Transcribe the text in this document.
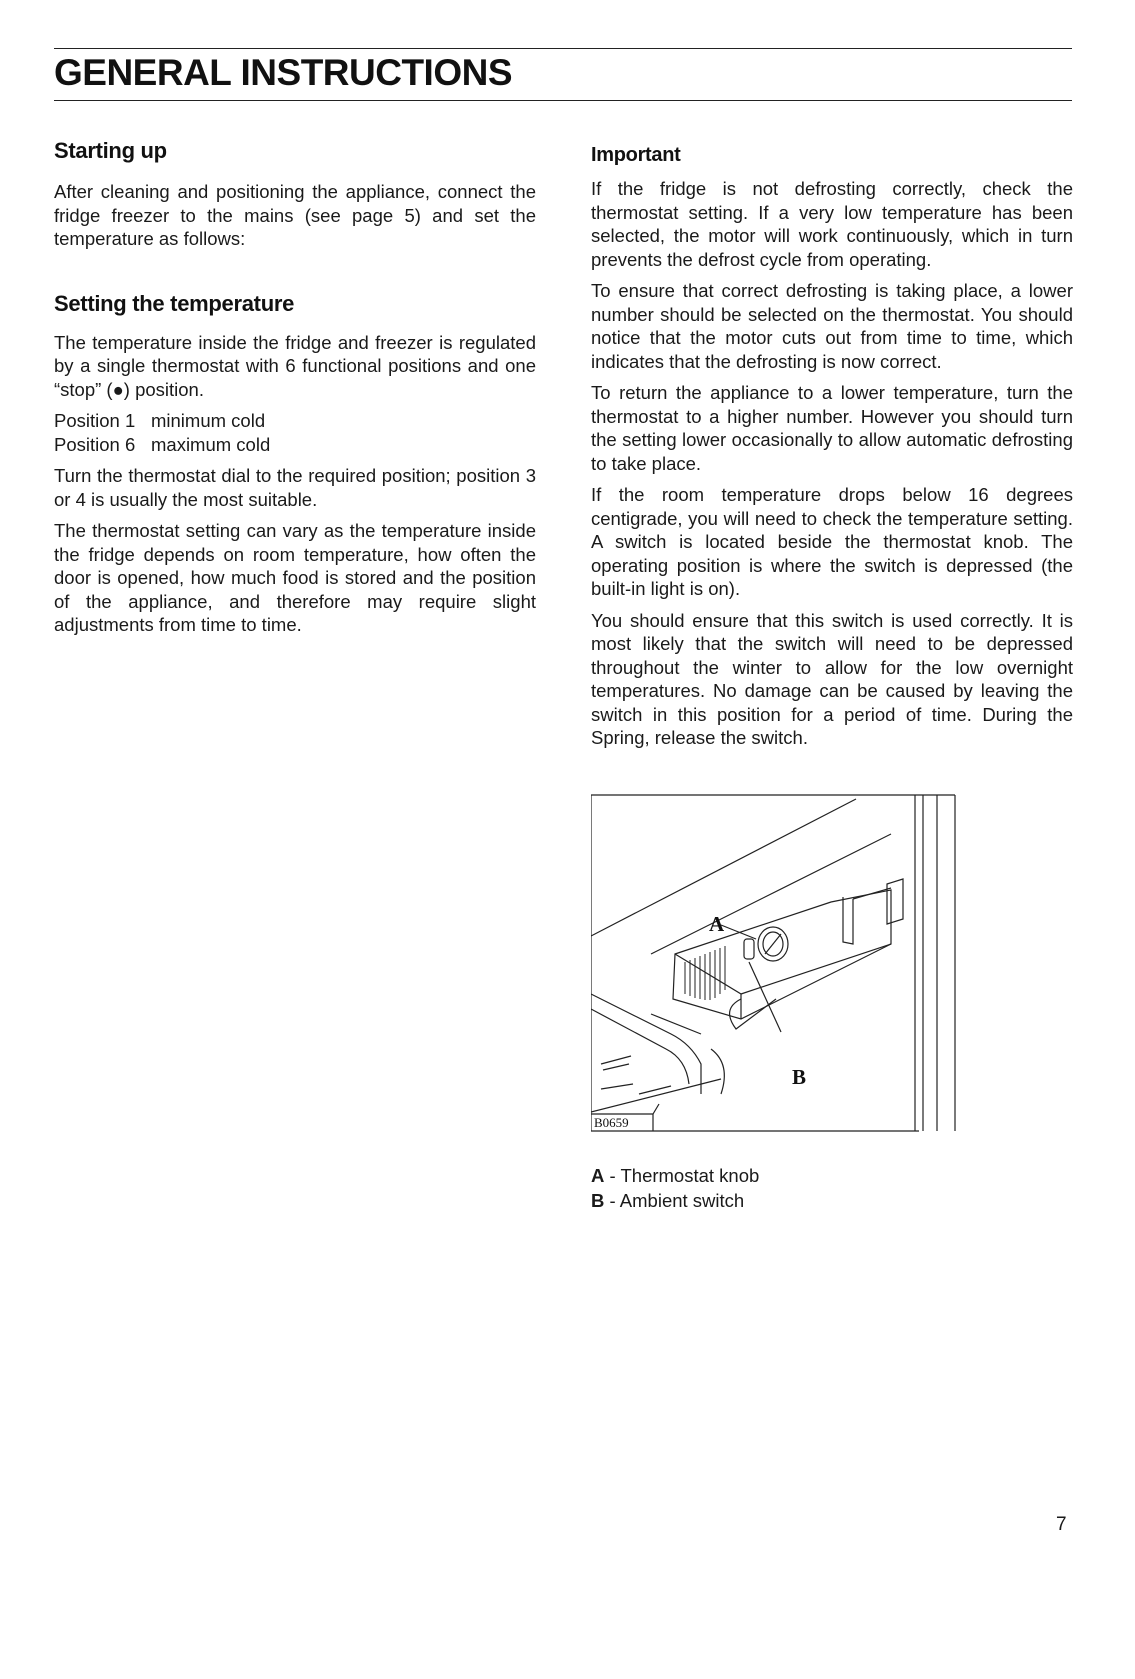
GENERAL INSTRUCTIONS
Starting up

After cleaning and positioning the appliance, connect the fridge freezer to the mains (see page 5) and set the temperature as follows:

Setting the temperature

The temperature inside the fridge and freezer is regulated by a single thermostat with 6 functional positions and one “stop” (●) position.

Position 1 minimum cold
Position 6 maximum cold

Turn the thermostat dial to the required position; position 3 or 4 is usually the most suitable.

The thermostat setting can vary as the temperature inside the fridge depends on room temperature, how often the door is opened, how much food is stored and the position of the appliance, and therefore may require slight adjustments from time to time.

Important

If the fridge is not defrosting correctly, check the thermostat setting. If a very low temperature has been selected, the motor will work continuously, which in turn prevents the defrost cycle from operating.

To ensure that correct defrosting is taking place, a lower number should be selected on the thermostat. You should notice that the motor cuts out from time to time, which indicates that the defrosting is now correct.

To return the appliance to a lower temperature, turn the thermostat to a higher number. However you should turn the setting lower occasionally to allow automatic defrosting to take place.

If the room temperature drops below 16 degrees centigrade, you will need to check the temperature setting. A switch is located beside the thermostat knob. The operating position is where the switch is depressed (the built-in light is on).

You should ensure that this switch is used correctly. It is most likely that the switch will need to be depressed throughout the winter to allow for the low overnight temperatures. No damage can be caused by leaving the switch in this position for a period of time. During the Spring, release the switch.

A
B
B0659
A - Thermostat knob
B - Ambient switch
7
